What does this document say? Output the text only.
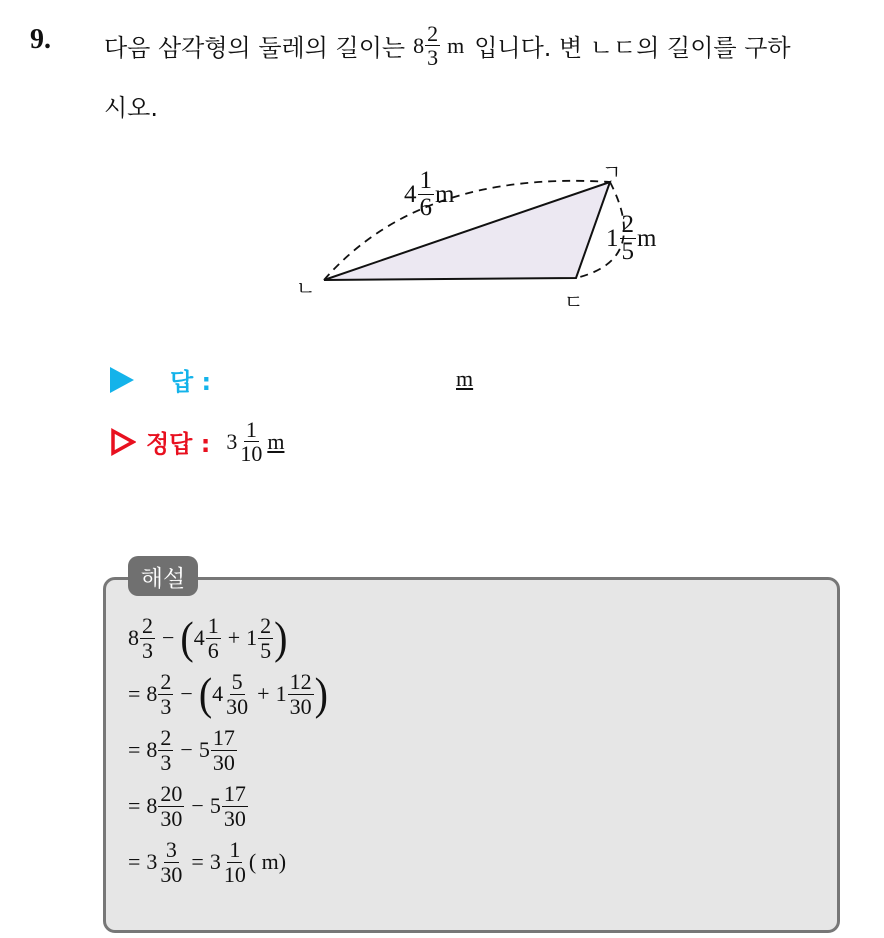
9. 다음 삼각형의 둘레의 길이는 $8 \frac{2}{3}$ m 입니다. 변 ㄴㄷ의 길이를 구하
시오.
ㄱ
ㄴ
ㄷ
$4 \frac{1}{6}$ m
$1 \frac{2}{5}$ m
답 :	m
정답 : $3 \frac{1}{10}$ m
해설
$8 \frac{2}{3}$ − ( $4 \frac{1}{6} + 1 \frac{2}{5}$ )
= $8 \frac{2}{3}$ − ( $4 \frac{5}{30} + 1 \frac{12}{30}$ )
= $8 \frac{2}{3} - 5 \frac{17}{30}$
= $8 \frac{20}{30} - 5 \frac{17}{30}$
= $3 \frac{3}{30} = 3 \frac{1}{10}$ ( m)
